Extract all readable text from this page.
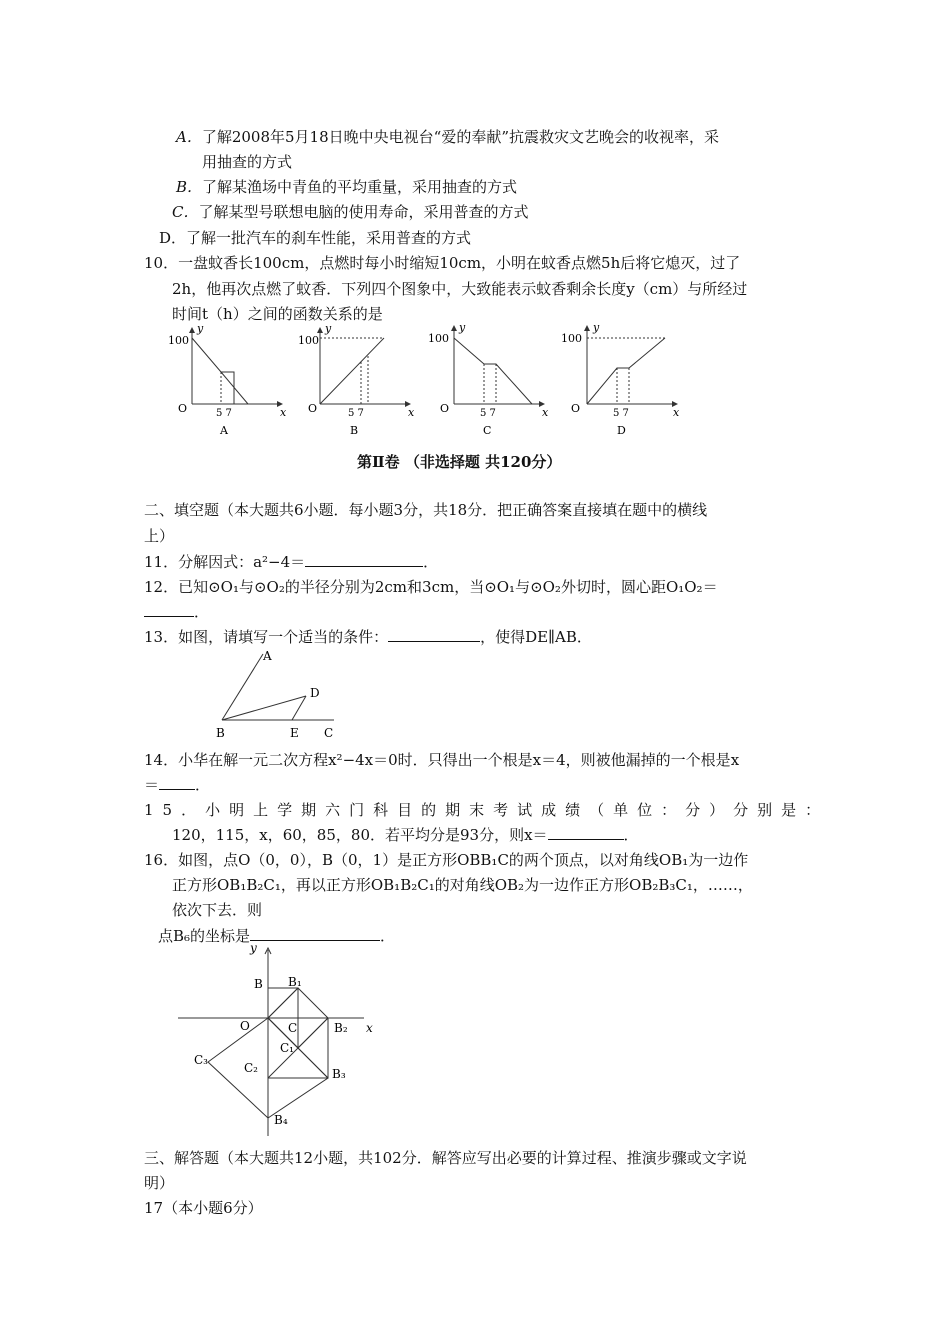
A．了解2008年5月18日晚中央电视台“爱的奉献”抗震救灾文艺晚会的收视率，采
用抽查的方式
B．了解某渔场中青鱼的平均重量，采用抽查的方式
C．了解某型号联想电脑的使用寿命，采用普查的方式
D．了解一批汽车的刹车性能，采用普查的方式
10．一盘蚊香长100cm，点燃时每小时缩短10cm，小明在蚊香点燃5h后将它熄灭，过了
2h，他再次点燃了蚊香．下列四个图象中，大致能表示蚊香剩余长度y（cm）与所经过
时间t（h）之间的函数关系的是
100
y
x
O	5 7
A
100
y
x
O	5 7
B
100
y
x
O	5 7
C
100
y
x
O	5 7
D
第Ⅱ卷 （非选择题 共120分）
二、填空题（本大题共6小题．每小题3分，共18分．把正确答案直接填在题中的横线
上）
11．分解因式：a²−4＝	．
12．已知⊙O₁与⊙O₂的半径分别为2cm和3cm，当⊙O₁与⊙O₂外切时，圆心距O₁O₂＝
．
13．如图，请填写一个适当的条件：	，使得DE∥AB．
A
B	C
D
E
14．小华在解一元二次方程x²−4x＝0时．只得出一个根是x＝4，则被他漏掉的一个根是x
＝ ．
15．小明上学期六门科目的期末考试成绩（单位：分）分别是：
120，115，x，60，85，80．若平均分是93分，则x＝	．
16．如图，点O（0，0），B（0，1）是正方形OBB₁C的两个顶点，以对角线OB₁为一边作
正方形OB₁B₂C₁，再以正方形OB₁B₂C₁的对角线OB₂为一边作正方形OB₂B₃C₁，……，
依次下去．则
点B₆的坐标是	．
y
x
O
B B₁
C	B₂
C₁
C₂
C₃
B₃
B₄
三、解答题（本大题共12小题，共102分．解答应写出必要的计算过程、推演步骤或文字说
明）
17（本小题6分）
